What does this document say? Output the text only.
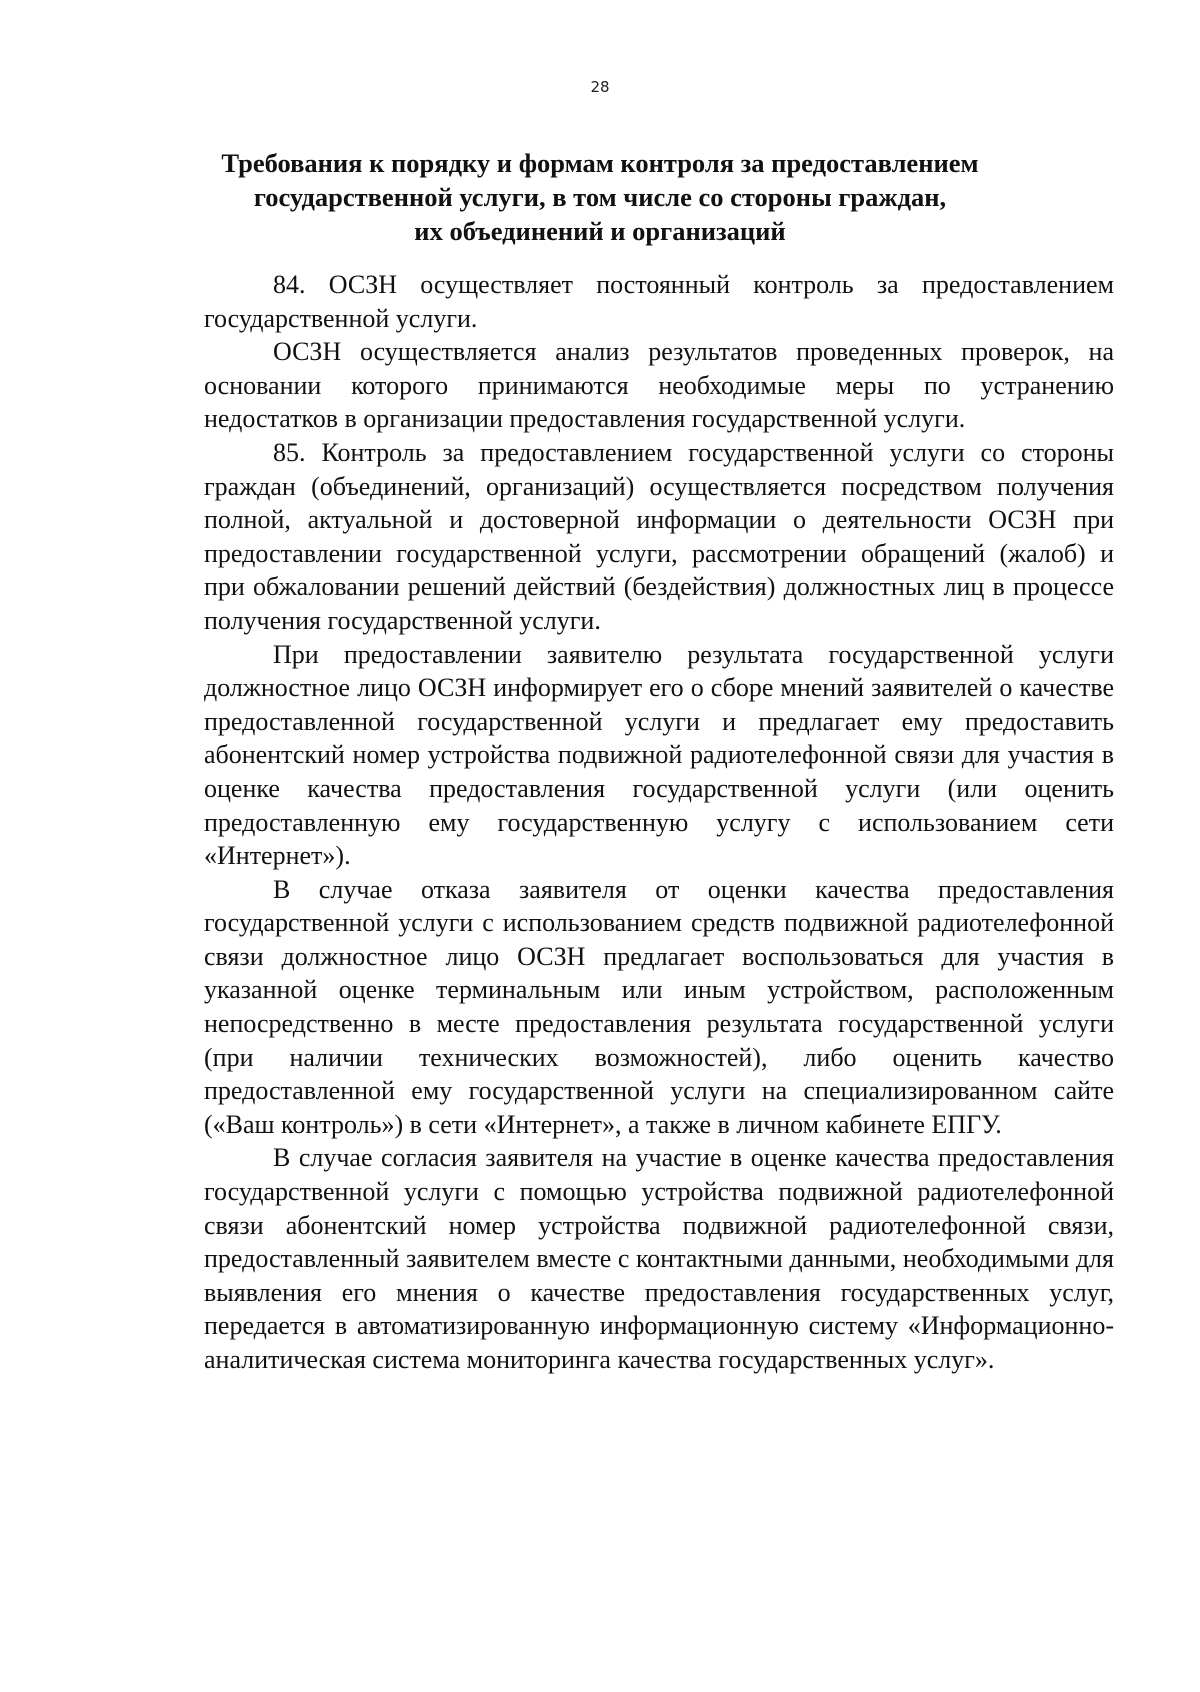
28
Требования к порядку и формам контроля за предоставлением
государственной услуги, в том числе со стороны граждан,
их объединений и организаций

84. ОСЗН осуществляет постоянный контроль за предоставлением государственной услуги.

ОСЗН осуществляется анализ результатов проведенных проверок, на основании которого принимаются необходимые меры по устранению недостатков в организации предоставления государственной услуги.

85. Контроль за предоставлением государственной услуги со стороны граждан (объединений, организаций) осуществляется посредством получения полной, актуальной и достоверной информации о деятельности ОСЗН при предоставлении государственной услуги, рассмотрении обращений (жалоб) и при обжаловании решений действий (бездействия) должностных лиц в процессе получения государственной услуги.

При предоставлении заявителю результата государственной услуги должностное лицо ОСЗН информирует его о сборе мнений заявителей о качестве предоставленной государственной услуги и предлагает ему предоставить абонентский номер устройства подвижной радиотелефонной связи для участия в оценке качества предоставления государственной услуги (или оценить предоставленную ему государственную услугу с использованием сети «Интернет»).

В случае отказа заявителя от оценки качества предоставления государственной услуги с использованием средств подвижной радиотелефонной связи должностное лицо ОСЗН предлагает воспользоваться для участия в указанной оценке терминальным или иным устройством, расположенным непосредственно в месте предоставления результата государственной услуги (при наличии технических возможностей), либо оценить качество предоставленной ему государственной услуги на специализированном сайте («Ваш контроль») в сети «Интернет», а также в личном кабинете ЕПГУ.

В случае согласия заявителя на участие в оценке качества предоставления государственной услуги с помощью устройства подвижной радиотелефонной связи абонентский номер устройства подвижной радиотелефонной связи, предоставленный заявителем вместе с контактными данными, необходимыми для выявления его мнения о качестве предоставления государственных услуг, передается в автоматизированную информационную систему «Информационно-аналитическая система мониторинга качества государственных услуг».
